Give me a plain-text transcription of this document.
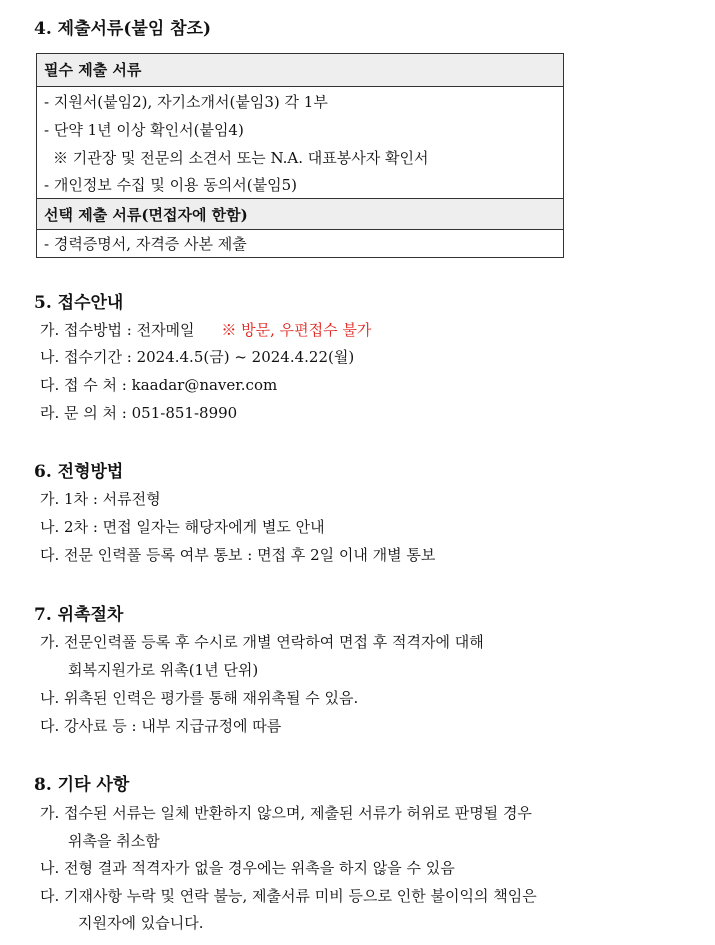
4. 제출서류(붙임 참조)
필수 제출 서류
- 지원서(붙임2), 자기소개서(붙임3) 각 1부
- 단약 1년 이상 확인서(붙임4)
※ 기관장 및 전문의 소견서 또는 N.A. 대표봉사자 확인서
- 개인정보 수집 및 이용 동의서(붙임5)
선택 제출 서류(면접자에 한함)
- 경력증명서, 자격증 사본 제출
5. 접수안내
가. 접수방법 : 전자메일 ※ 방문, 우편접수 불가
나. 접수기간 : 2024.4.5(금) ~ 2024.4.22(월)
다. 접 수 처 : kaadar@naver.com
라. 문 의 처 : 051-851-8990
6. 전형방법
가. 1차 : 서류전형
나. 2차 : 면접 일자는 해당자에게 별도 안내
다. 전문 인력풀 등록 여부 통보 : 면접 후 2일 이내 개별 통보
7. 위촉절차
가. 전문인력풀 등록 후 수시로 개별 연락하여 면접 후 적격자에 대해
회복지원가로 위촉(1년 단위)
나. 위촉된 인력은 평가를 통해 재위촉될 수 있음.
다. 강사료 등 : 내부 지급규정에 따름
8. 기타 사항
가. 접수된 서류는 일체 반환하지 않으며, 제출된 서류가 허위로 판명될 경우
위촉을 취소함
나. 전형 결과 적격자가 없을 경우에는 위촉을 하지 않을 수 있음
다. 기재사항 누락 및 연락 불능, 제출서류 미비 등으로 인한 불이익의 책임은
지원자에 있습니다.
